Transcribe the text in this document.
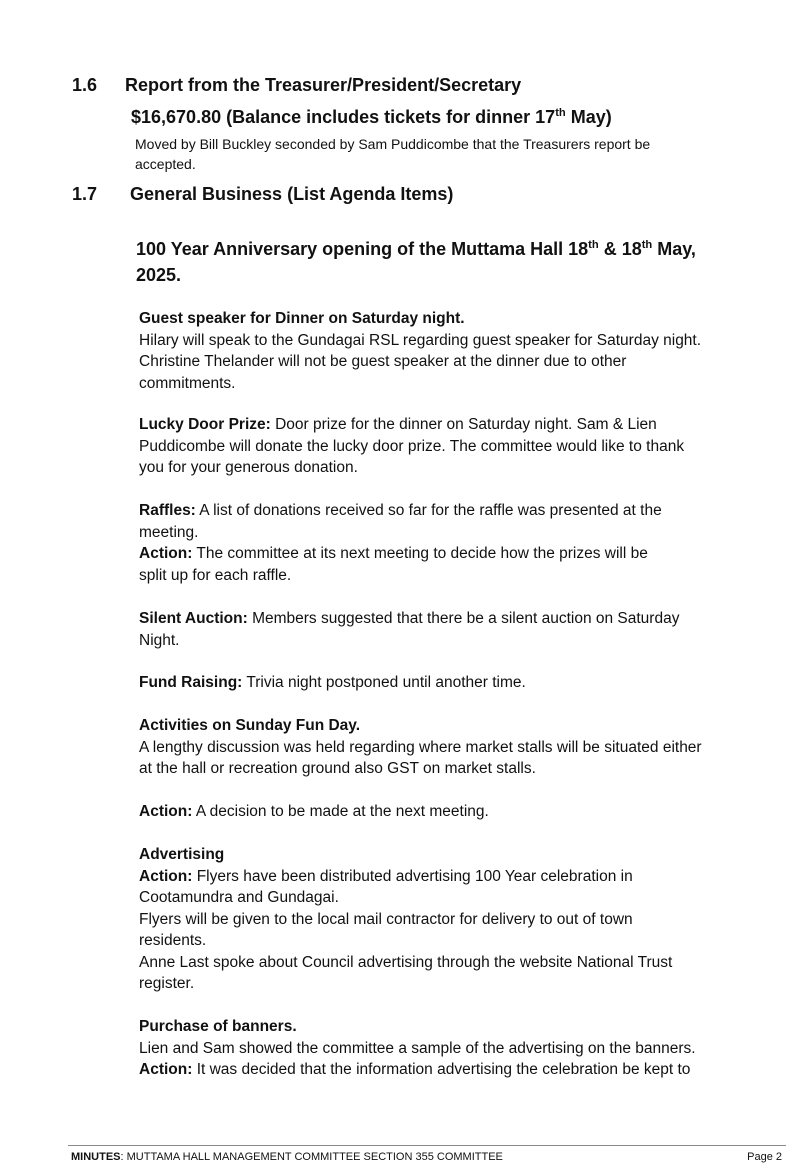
1.6 Report from the Treasurer/President/Secretary
$16,670.80 (Balance includes tickets for dinner 17th May)
Moved by Bill Buckley seconded by Sam Puddicombe that the Treasurers report be
accepted.
1.7 General Business (List Agenda Items)
100 Year Anniversary opening of the Muttama Hall 18th & 18th May,
2025.
Guest speaker for Dinner on Saturday night.
Hilary will speak to the Gundagai RSL regarding guest speaker for Saturday night.
Christine Thelander will not be guest speaker at the dinner due to other
commitments.
Lucky Door Prize: Door prize for the dinner on Saturday night. Sam & Lien
Puddicombe will donate the lucky door prize. The committee would like to thank
you for your generous donation.
Raffles: A list of donations received so far for the raffle was presented at the
meeting.
Action: The committee at its next meeting to decide how the prizes will be
split up for each raffle.
Silent Auction: Members suggested that there be a silent auction on Saturday
Night.
Fund Raising: Trivia night postponed until another time.
Activities on Sunday Fun Day.
A lengthy discussion was held regarding where market stalls will be situated either
at the hall or recreation ground also GST on market stalls.
Action: A decision to be made at the next meeting.
Advertising
Action: Flyers have been distributed advertising 100 Year celebration in
Cootamundra and Gundagai.
Flyers will be given to the local mail contractor for delivery to out of town
residents.
Anne Last spoke about Council advertising through the website National Trust
register.
Purchase of banners.
Lien and Sam showed the committee a sample of the advertising on the banners.
Action: It was decided that the information advertising the celebration be kept to
MINUTES: MUTTAMA HALL MANAGEMENT COMMITTEE SECTION 355 COMMITTEE	Page 2
